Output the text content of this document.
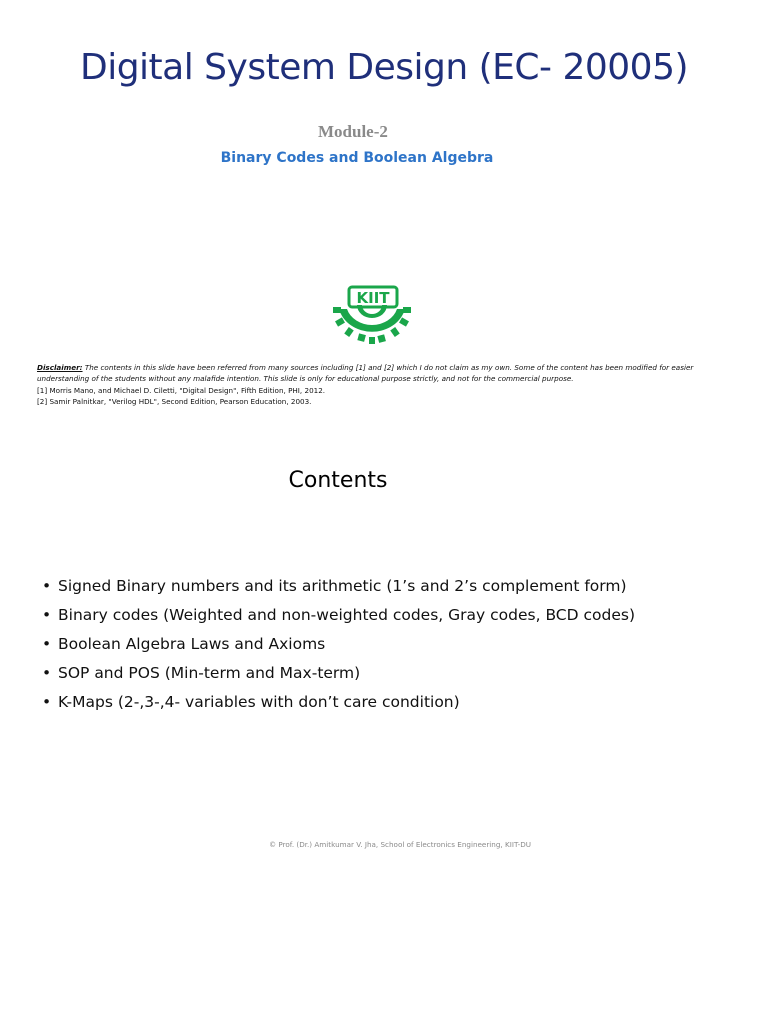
Digital System Design (EC- 20005)
Module-2
Binary Codes and Boolean Algebra
KIIT
Disclaimer: The contents in this slide have been referred from many sources including [1] and [2] which I do not claim as my own. Some of the content has been modified for easier understanding of the students without any malafide intention. This slide is only for educational purpose strictly, and not for the commercial purpose.
[1] Morris Mano, and Michael D. Ciletti, "Digital Design", Fifth Edition, PHI, 2012.
[2] Samir Palnitkar, "Verilog HDL", Second Edition, Pearson Education, 2003.
Contents
• Signed Binary numbers and its arithmetic (1’s and 2’s complement form)
• Binary codes (Weighted and non-weighted codes, Gray codes, BCD codes)
• Boolean Algebra Laws and Axioms
• SOP and POS (Min-term and Max-term)
• K-Maps (2-,3-,4- variables with don’t care condition)
© Prof. (Dr.) Amitkumar V. Jha, School of Electronics Engineering, KIIT-DU
